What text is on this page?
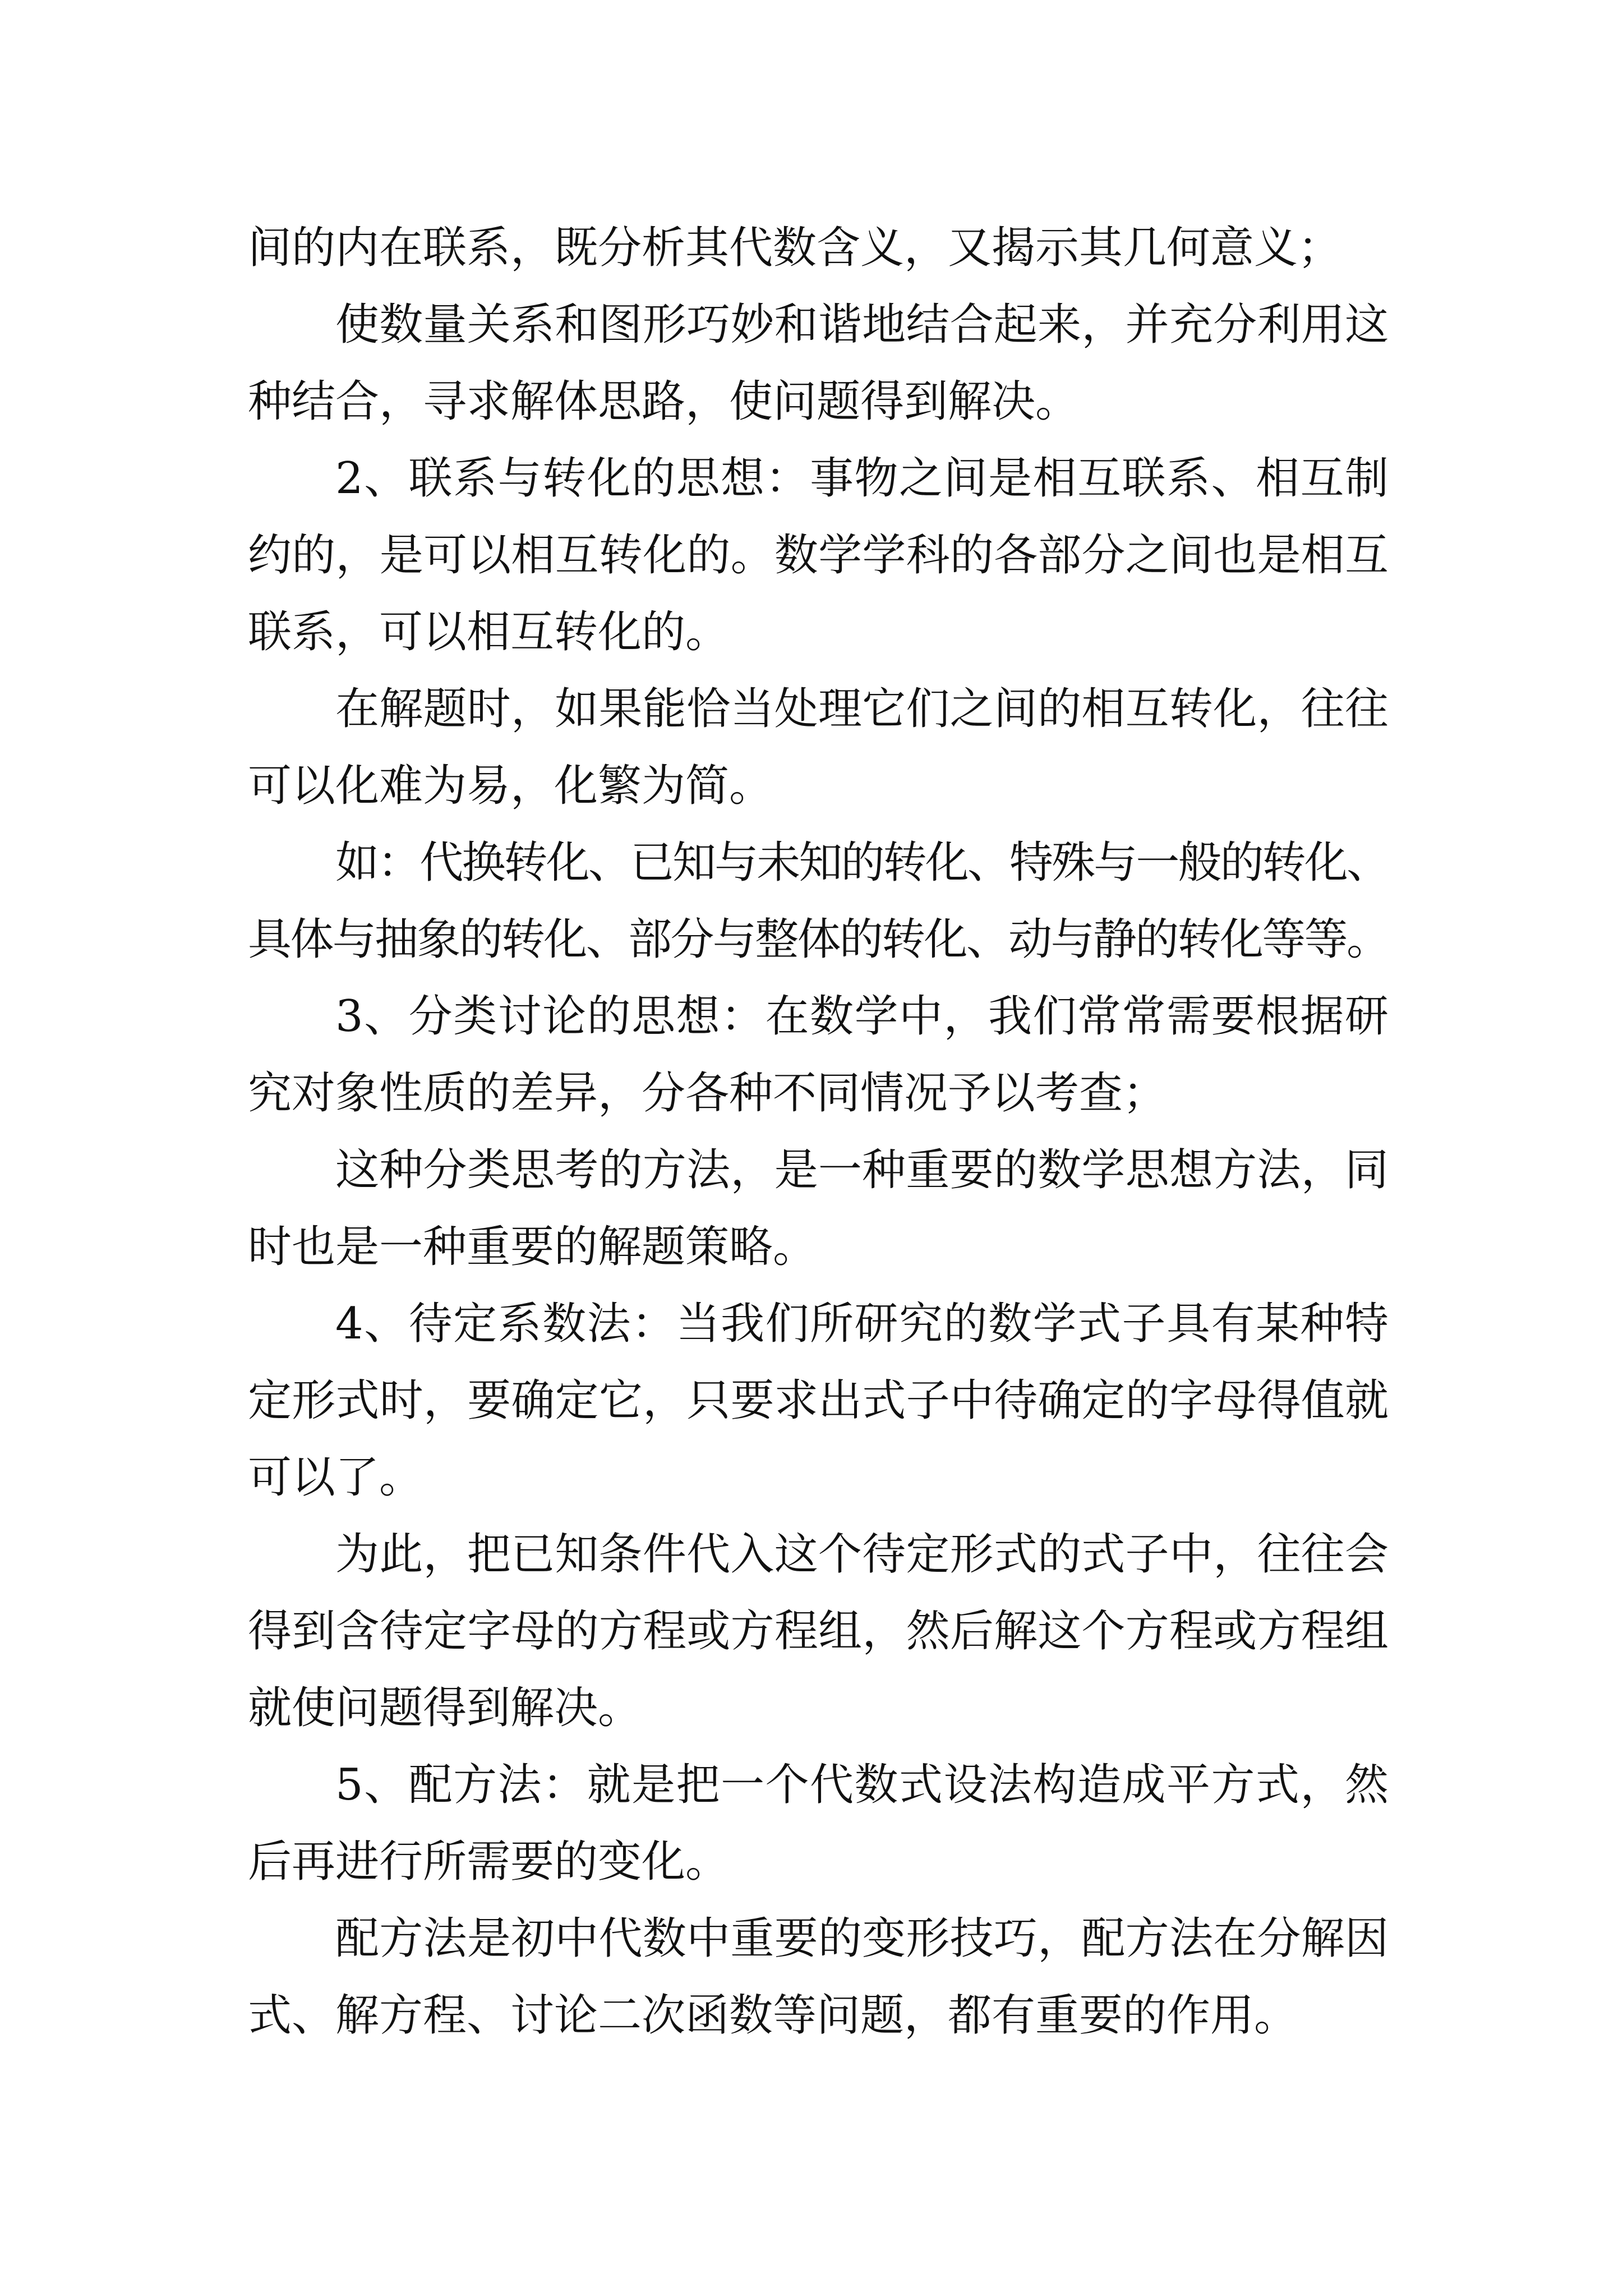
间的内在联系，既分析其代数含义，又揭示其几何意义；
使数量关系和图形巧妙和谐地结合起来，并充分利用这
种结合，寻求解体思路，使问题得到解决。
2、联系与转化的思想：事物之间是相互联系、相互制
约的，是可以相互转化的。数学学科的各部分之间也是相互
联系，可以相互转化的。
在解题时，如果能恰当处理它们之间的相互转化，往往
可以化难为易，化繁为简。
如：代换转化、已知与未知的转化、特殊与一般的转化、
具体与抽象的转化、部分与整体的转化、动与静的转化等等。
3、分类讨论的思想：在数学中，我们常常需要根据研
究对象性质的差异，分各种不同情况予以考查；
这种分类思考的方法，是一种重要的数学思想方法，同
时也是一种重要的解题策略。
4、待定系数法：当我们所研究的数学式子具有某种特
定形式时，要确定它，只要求出式子中待确定的字母得值就
可以了。
为此，把已知条件代入这个待定形式的式子中，往往会
得到含待定字母的方程或方程组，然后解这个方程或方程组
就使问题得到解决。
5、配方法：就是把一个代数式设法构造成平方式，然
后再进行所需要的变化。
配方法是初中代数中重要的变形技巧，配方法在分解因
式、解方程、讨论二次函数等问题，都有重要的作用。
